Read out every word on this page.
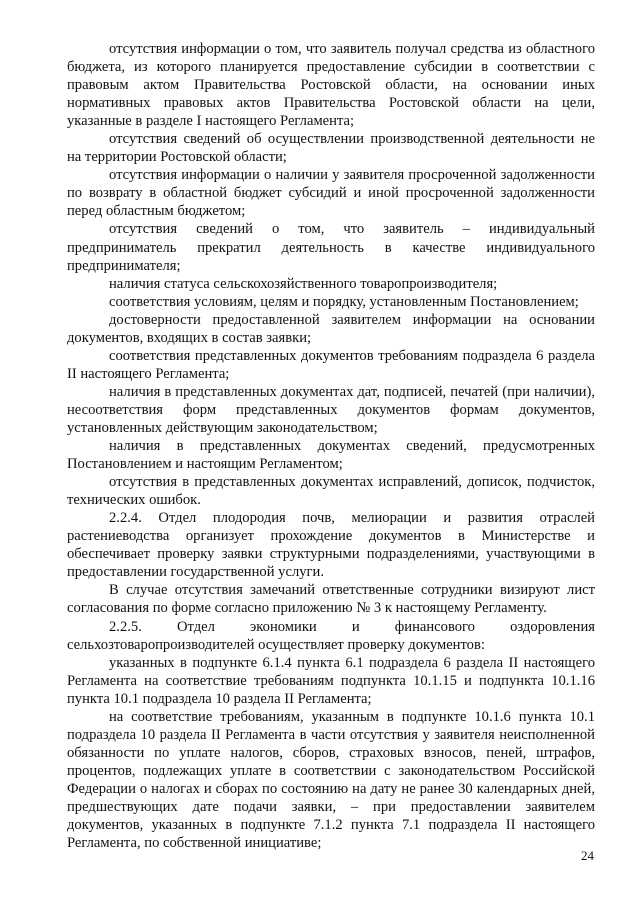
отсутствия информации о том, что заявитель получал средства из областного бюджета, из которого планируется предоставление субсидии в соответствии с правовым актом Правительства Ростовской области, на основании иных нормативных правовых актов Правительства Ростовской области на цели, указанные в разделе I настоящего Регламента;

отсутствия сведений об осуществлении производственной деятельности не на территории Ростовской области;

отсутствия информации о наличии у заявителя просроченной задолженности по возврату в областной бюджет субсидий и иной просроченной задолженности перед областным бюджетом;

отсутствия сведений о том, что заявитель – индивидуальный предприниматель прекратил деятельность в качестве индивидуального предпринимателя;

наличия статуса сельскохозяйственного товаропроизводителя;

соответствия условиям, целям и порядку, установленным Постановлением;

достоверности предоставленной заявителем информации на основании документов, входящих в состав заявки;

соответствия представленных документов требованиям подраздела 6 раздела II настоящего Регламента;

наличия в представленных документах дат, подписей, печатей (при наличии), несоответствия форм представленных документов формам документов, установленных действующим законодательством;

наличия в представленных документах сведений, предусмотренных Постановлением и настоящим Регламентом;

отсутствия в представленных документах исправлений, дописок, подчисток, технических ошибок.

2.2.4. Отдел плодородия почв, мелиорации и развития отраслей растениеводства организует прохождение документов в Министерстве и обеспечивает проверку заявки структурными подразделениями, участвующими в предоставлении государственной услуги.

В случае отсутствия замечаний ответственные сотрудники визируют лист согласования по форме согласно приложению № 3 к настоящему Регламенту.

2.2.5. Отдел экономики и финансового оздоровления сельхозтоваропроизводителей осуществляет проверку документов:

указанных в подпункте 6.1.4 пункта 6.1 подраздела 6 раздела II настоящего Регламента на соответствие требованиям подпункта 10.1.15 и подпункта 10.1.16 пункта 10.1 подраздела 10 раздела II Регламента;

на соответствие требованиям, указанным в подпункте 10.1.6 пункта 10.1 подраздела 10 раздела II Регламента в части отсутствия у заявителя неисполненной обязанности по уплате налогов, сборов, страховых взносов, пеней, штрафов, процентов, подлежащих уплате в соответствии с законодательством Российской Федерации о налогах и сборах по состоянию на дату не ранее 30 календарных дней, предшествующих дате подачи заявки, – при предоставлении заявителем документов, указанных в подпункте 7.1.2 пункта 7.1 подраздела II настоящего Регламента, по собственной инициативе;

24
